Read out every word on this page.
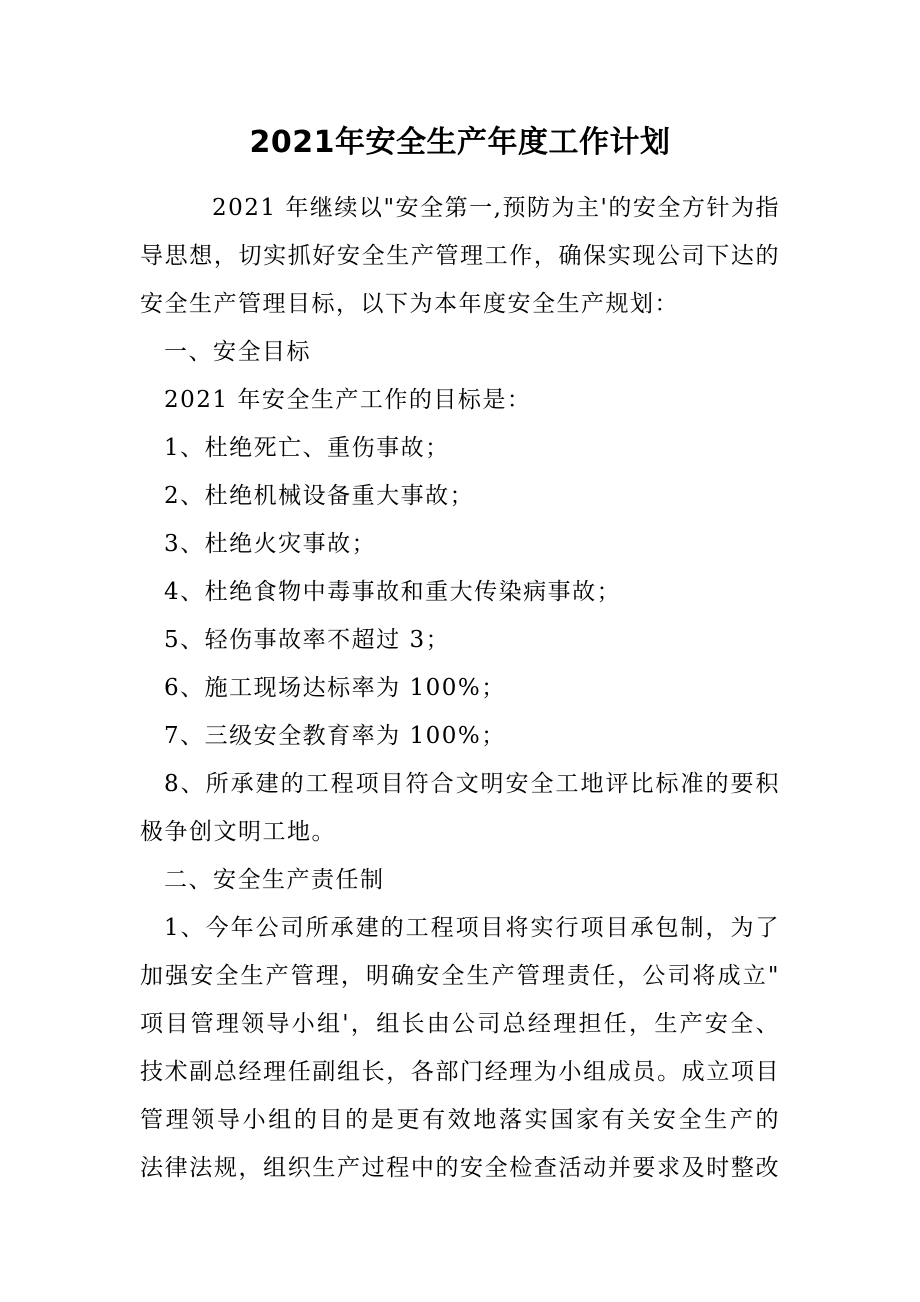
2021年安全生产年度工作计划

2021 年继续以"安全第一,预防为主'的安全方针为指

导思想，切实抓好安全生产管理工作，确保实现公司下达的

安全生产管理目标，以下为本年度安全生产规划：

一、安全目标

2021 年安全生产工作的目标是：

1、杜绝死亡、重伤事故；

2、杜绝机械设备重大事故；

3、杜绝火灾事故；

4、杜绝食物中毒事故和重大传染病事故；

5、轻伤事故率不超过 3；

6、施工现场达标率为 100%；

7、三级安全教育率为 100%；

8、所承建的工程项目符合文明安全工地评比标准的要积

极争创文明工地。

二、安全生产责任制

1、今年公司所承建的工程项目将实行项目承包制，为了

加强安全生产管理，明确安全生产管理责任，公司将成立"

项目管理领导小组'，组长由公司总经理担任，生产安全、

技术副总经理任副组长，各部门经理为小组成员。成立项目

管理领导小组的目的是更有效地落实国家有关安全生产的

法律法规，组织生产过程中的安全检查活动并要求及时整改
